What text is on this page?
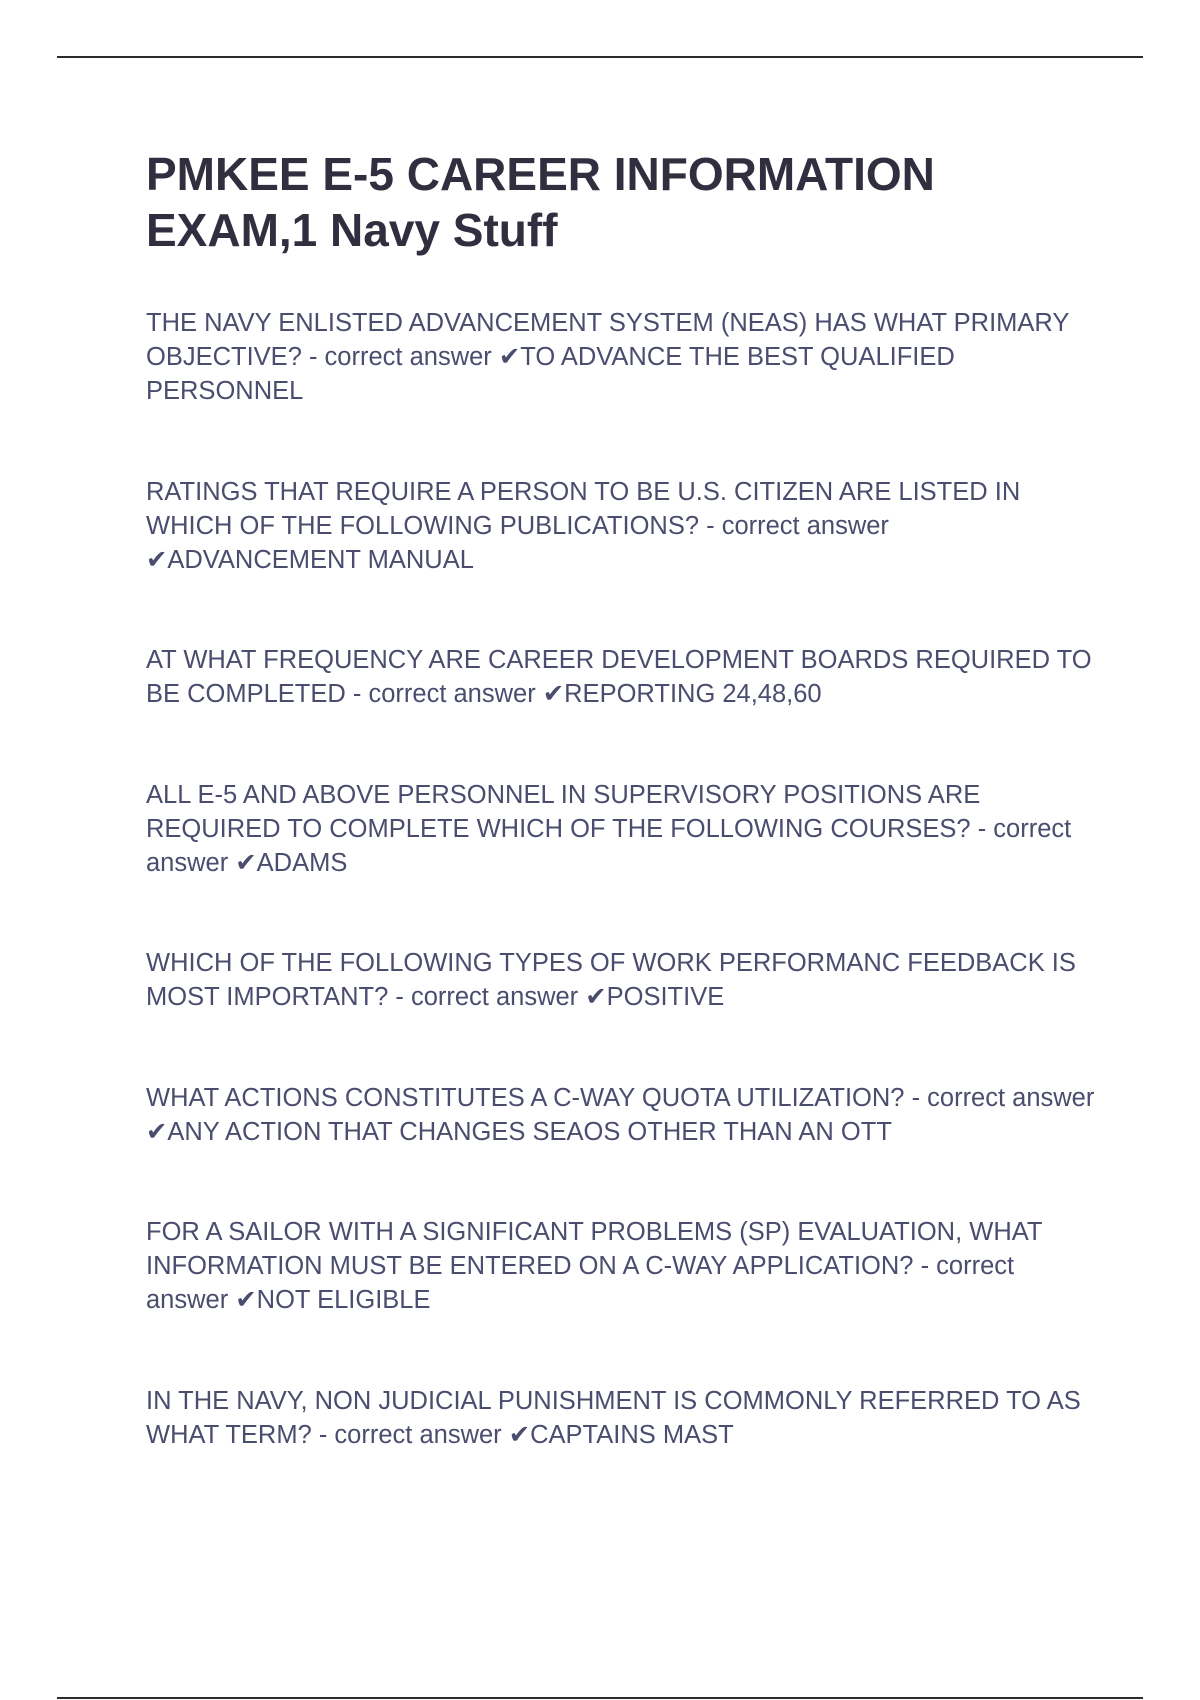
PMKEE E-5 CAREER INFORMATION EXAM,1 Navy Stuff

THE NAVY ENLISTED ADVANCEMENT SYSTEM (NEAS) HAS WHAT PRIMARY OBJECTIVE? - correct answer ✔TO ADVANCE THE BEST QUALIFIED PERSONNEL

RATINGS THAT REQUIRE A PERSON TO BE U.S. CITIZEN ARE LISTED IN WHICH OF THE FOLLOWING PUBLICATIONS? - correct answer ✔ADVANCEMENT MANUAL

AT WHAT FREQUENCY ARE CAREER DEVELOPMENT BOARDS REQUIRED TO BE COMPLETED - correct answer ✔REPORTING 24,48,60

ALL E-5 AND ABOVE PERSONNEL IN SUPERVISORY POSITIONS ARE REQUIRED TO COMPLETE WHICH OF THE FOLLOWING COURSES? - correct answer ✔ADAMS

WHICH OF THE FOLLOWING TYPES OF WORK PERFORMANC FEEDBACK IS MOST IMPORTANT? - correct answer ✔POSITIVE

WHAT ACTIONS CONSTITUTES A C-WAY QUOTA UTILIZATION? - correct answer ✔ANY ACTION THAT CHANGES SEAOS OTHER THAN AN OTT

FOR A SAILOR WITH A SIGNIFICANT PROBLEMS (SP) EVALUATION, WHAT INFORMATION MUST BE ENTERED ON A C-WAY APPLICATION? - correct answer ✔NOT ELIGIBLE

IN THE NAVY, NON JUDICIAL PUNISHMENT IS COMMONLY REFERRED TO AS WHAT TERM? - correct answer ✔CAPTAINS MAST
